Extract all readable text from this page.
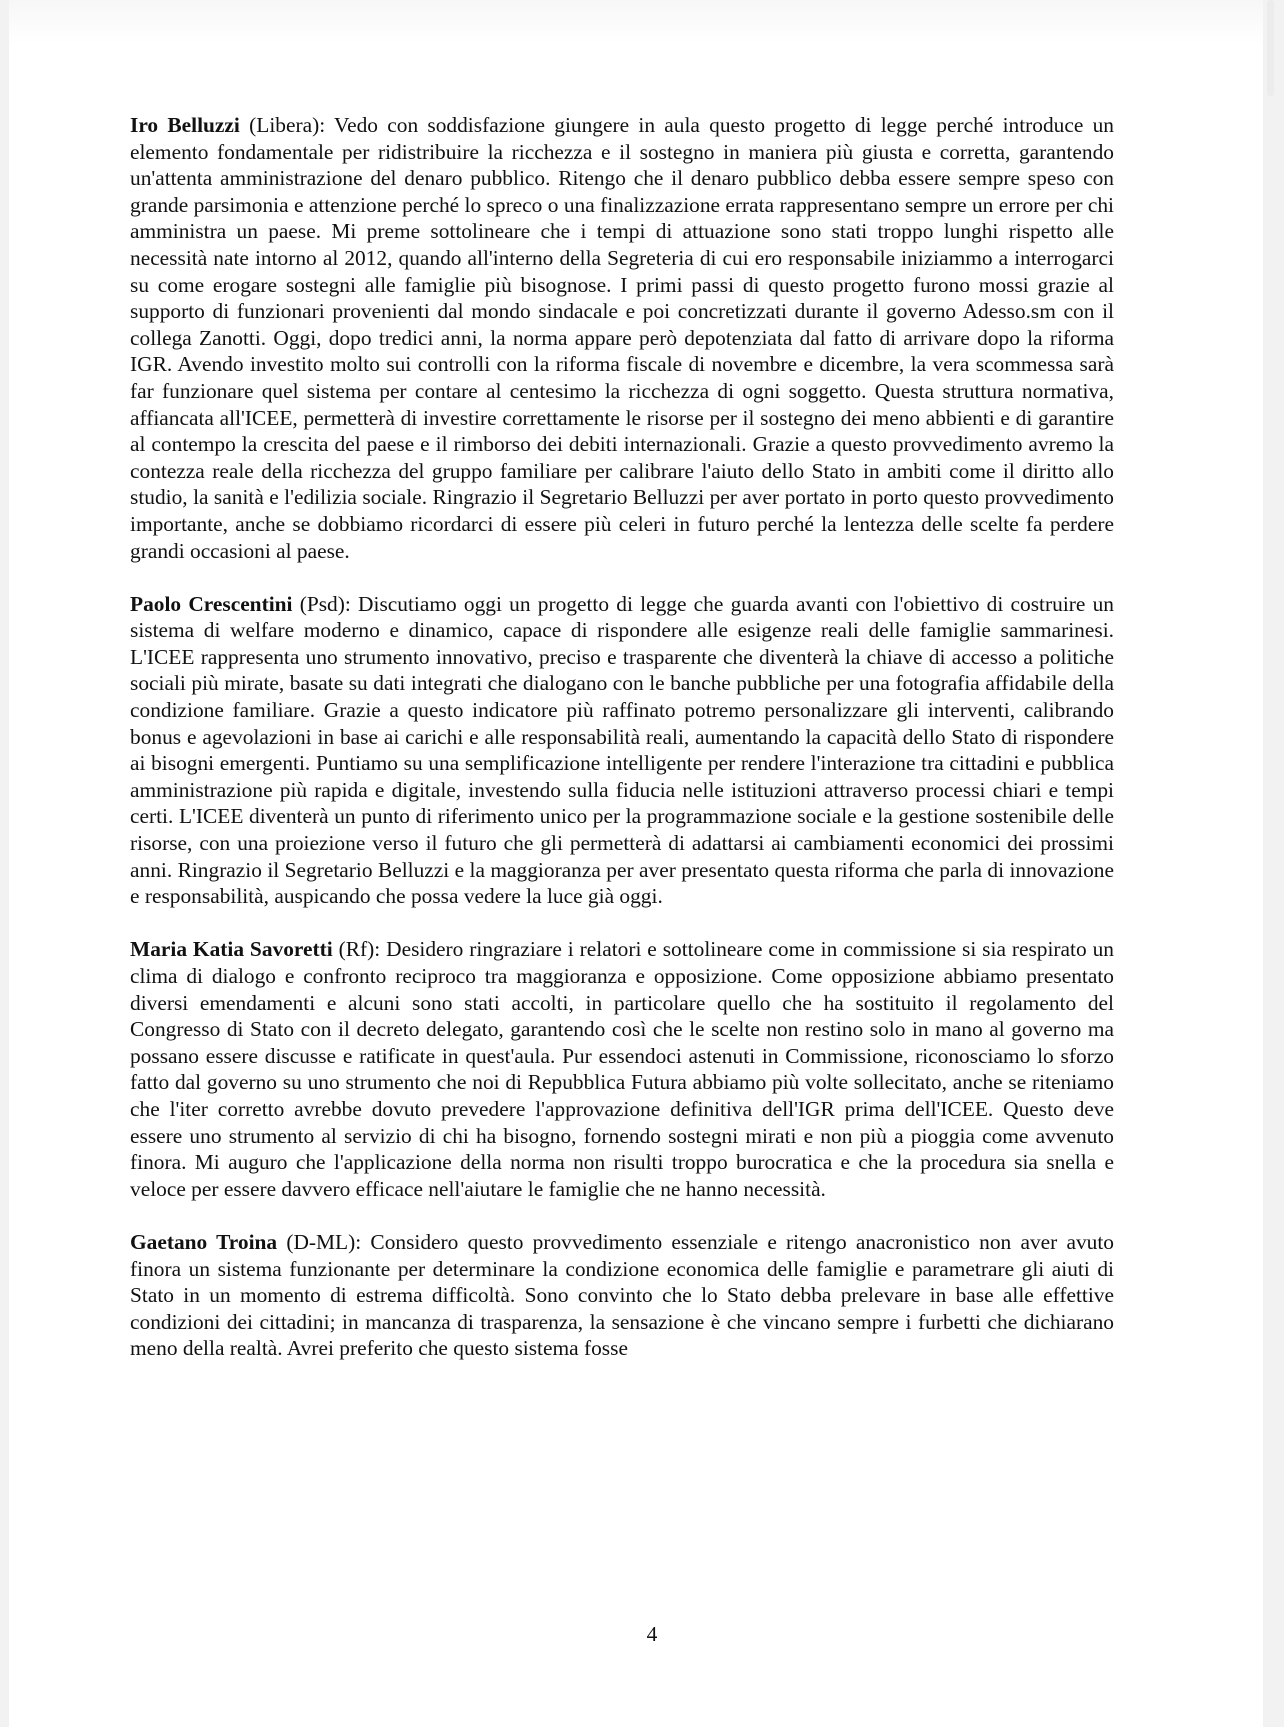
Iro Belluzzi (Libera): Vedo con soddisfazione giungere in aula questo progetto di legge perché introduce un elemento fondamentale per ridistribuire la ricchezza e il sostegno in maniera più giusta e corretta, garantendo un'attenta amministrazione del denaro pubblico. Ritengo che il denaro pubblico debba essere sempre speso con grande parsimonia e attenzione perché lo spreco o una finalizzazione errata rappresentano sempre un errore per chi amministra un paese. Mi preme sottolineare che i tempi di attuazione sono stati troppo lunghi rispetto alle necessità nate intorno al 2012, quando all'interno della Segreteria di cui ero responsabile iniziammo a interrogarci su come erogare sostegni alle famiglie più bisognose. I primi passi di questo progetto furono mossi grazie al supporto di funzionari provenienti dal mondo sindacale e poi concretizzati durante il governo Adesso.sm con il collega Zanotti. Oggi, dopo tredici anni, la norma appare però depotenziata dal fatto di arrivare dopo la riforma IGR. Avendo investito molto sui controlli con la riforma fiscale di novembre e dicembre, la vera scommessa sarà far funzionare quel sistema per contare al centesimo la ricchezza di ogni soggetto. Questa struttura normativa, affiancata all'ICEE, permetterà di investire correttamente le risorse per il sostegno dei meno abbienti e di garantire al contempo la crescita del paese e il rimborso dei debiti internazionali. Grazie a questo provvedimento avremo la contezza reale della ricchezza del gruppo familiare per calibrare l'aiuto dello Stato in ambiti come il diritto allo studio, la sanità e l'edilizia sociale. Ringrazio il Segretario Belluzzi per aver portato in porto questo provvedimento importante, anche se dobbiamo ricordarci di essere più celeri in futuro perché la lentezza delle scelte fa perdere grandi occasioni al paese.

Paolo Crescentini (Psd): Discutiamo oggi un progetto di legge che guarda avanti con l'obiettivo di costruire un sistema di welfare moderno e dinamico, capace di rispondere alle esigenze reali delle famiglie sammarinesi. L'ICEE rappresenta uno strumento innovativo, preciso e trasparente che diventerà la chiave di accesso a politiche sociali più mirate, basate su dati integrati che dialogano con le banche pubbliche per una fotografia affidabile della condizione familiare. Grazie a questo indicatore più raffinato potremo personalizzare gli interventi, calibrando bonus e agevolazioni in base ai carichi e alle responsabilità reali, aumentando la capacità dello Stato di rispondere ai bisogni emergenti. Puntiamo su una semplificazione intelligente per rendere l'interazione tra cittadini e pubblica amministrazione più rapida e digitale, investendo sulla fiducia nelle istituzioni attraverso processi chiari e tempi certi. L'ICEE diventerà un punto di riferimento unico per la programmazione sociale e la gestione sostenibile delle risorse, con una proiezione verso il futuro che gli permetterà di adattarsi ai cambiamenti economici dei prossimi anni. Ringrazio il Segretario Belluzzi e la maggioranza per aver presentato questa riforma che parla di innovazione e responsabilità, auspicando che possa vedere la luce già oggi.

Maria Katia Savoretti (Rf): Desidero ringraziare i relatori e sottolineare come in commissione si sia respirato un clima di dialogo e confronto reciproco tra maggioranza e opposizione. Come opposizione abbiamo presentato diversi emendamenti e alcuni sono stati accolti, in particolare quello che ha sostituito il regolamento del Congresso di Stato con il decreto delegato, garantendo così che le scelte non restino solo in mano al governo ma possano essere discusse e ratificate in quest'aula. Pur essendoci astenuti in Commissione, riconosciamo lo sforzo fatto dal governo su uno strumento che noi di Repubblica Futura abbiamo più volte sollecitato, anche se riteniamo che l'iter corretto avrebbe dovuto prevedere l'approvazione definitiva dell'IGR prima dell'ICEE. Questo deve essere uno strumento al servizio di chi ha bisogno, fornendo sostegni mirati e non più a pioggia come avvenuto finora. Mi auguro che l'applicazione della norma non risulti troppo burocratica e che la procedura sia snella e veloce per essere davvero efficace nell'aiutare le famiglie che ne hanno necessità.

Gaetano Troina (D-ML): Considero questo provvedimento essenziale e ritengo anacronistico non aver avuto finora un sistema funzionante per determinare la condizione economica delle famiglie e parametrare gli aiuti di Stato in un momento di estrema difficoltà. Sono convinto che lo Stato debba prelevare in base alle effettive condizioni dei cittadini; in mancanza di trasparenza, la sensazione è che vincano sempre i furbetti che dichiarano meno della realtà. Avrei preferito che questo sistema fosse

4
